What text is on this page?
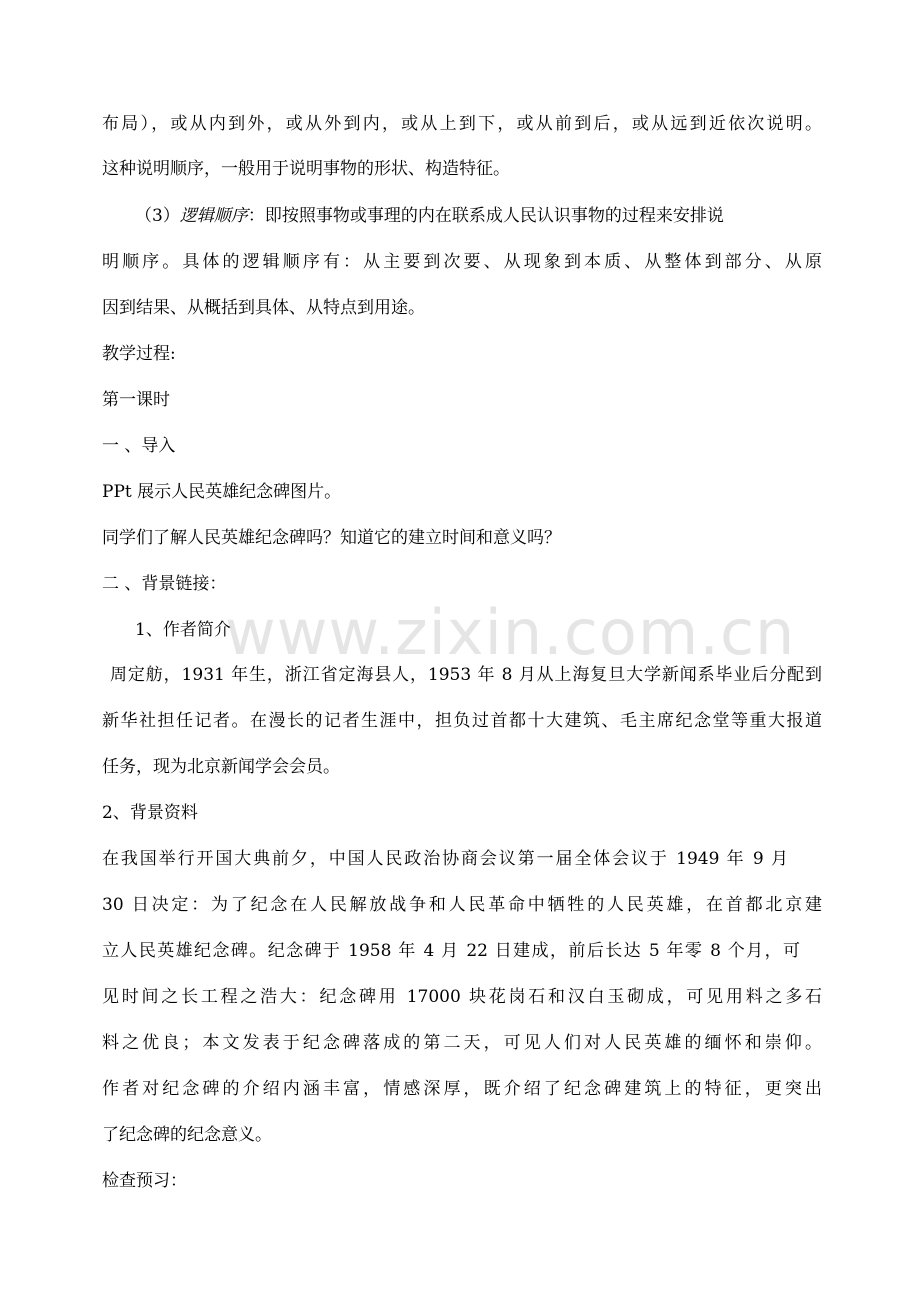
布局），或从内到外，或从外到内，或从上到下，或从前到后，或从远到近依次说明。
这种说明顺序，一般用于说明事物的形状、构造特征。
（3）逻辑顺序：即按照事物或事理的内在联系成人民认识事物的过程来安排说
明顺序。具体的逻辑顺序有：从主要到次要、从现象到本质、从整体到部分、从原
因到结果、从概括到具体、从特点到用途。
教学过程:
第一课时
一 、导入
PPt 展示人民英雄纪念碑图片。
同学们了解人民英雄纪念碑吗？知道它的建立时间和意义吗？
二 、背景链接：
1、作者简介
周定舫，1931 年生，浙江省定海县人，1953 年 8 月从上海复旦大学新闻系毕业后分配到
新华社担任记者。在漫长的记者生涯中，担负过首都十大建筑、毛主席纪念堂等重大报道
任务，现为北京新闻学会会员。
2、背景资料
在我国举行开国大典前夕，中国人民政治协商会议第一届全体会议于 1949 年 9 月
30 日决定：为了纪念在人民解放战争和人民革命中牺牲的人民英雄，在首都北京建
立人民英雄纪念碑。纪念碑于 1958 年 4 月 22 日建成，前后长达 5 年零 8 个月，可
见时间之长工程之浩大：纪念碑用 17000 块花岗石和汉白玉砌成，可见用料之多石
料之优良；本文发表于纪念碑落成的第二天，可见人们对人民英雄的缅怀和崇仰。
作者对纪念碑的介绍内涵丰富，情感深厚，既介绍了纪念碑建筑上的特征，更突出
了纪念碑的纪念意义。
检查预习：
www.zixin.com.cn
